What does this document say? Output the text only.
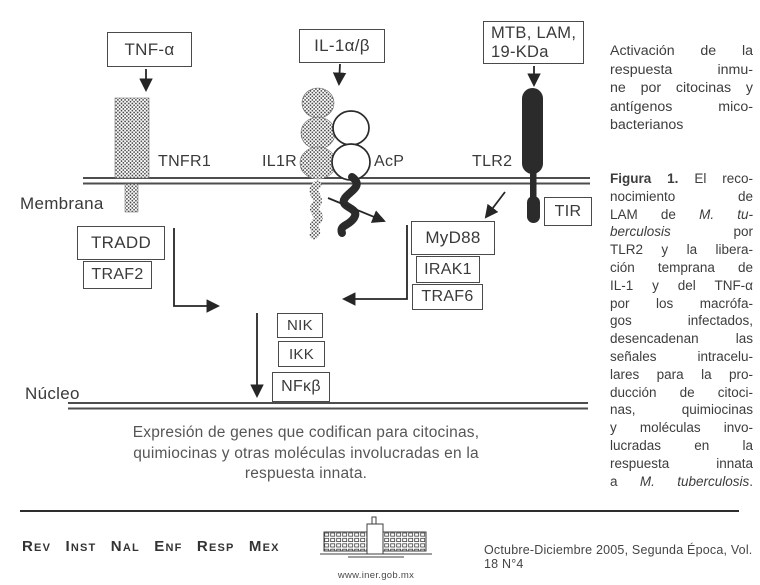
TNF-α	IL-1α/β
MTB, LAM,
19-KDa
TNFR1	IL1R	AcP	TLR2
Membrana
Núcleo
TIR
TRADD
TRAF2
MyD88
IRAK1
TRAF6
NIK
IKK
NFκβ
Expresión de genes que codifican para citocinas,
quimiocinas y otras moléculas involucradas en la
respuesta innata.
Activación de la
respuesta inmu-
ne por citocinas y
antígenos mico-
bacterianos
Figura 1. El reco-
nocimiento de
LAM de M. tu-
berculosis por
TLR2 y la libera-
ción temprana de
IL-1 y del TNF-α
por los macrófa-
gos infectados,
desencadenan las
señales intracelu-
lares para la pro-
ducción de citoci-
nas, quimiocinas
y moléculas invo-
lucradas en la
respuesta innata
a M. tuberculosis.
Rev Inst Nal Enf Resp Mex
www.iner.gob.mx
Octubre-Diciembre 2005, Segunda Época, Vol. 18 N°4
